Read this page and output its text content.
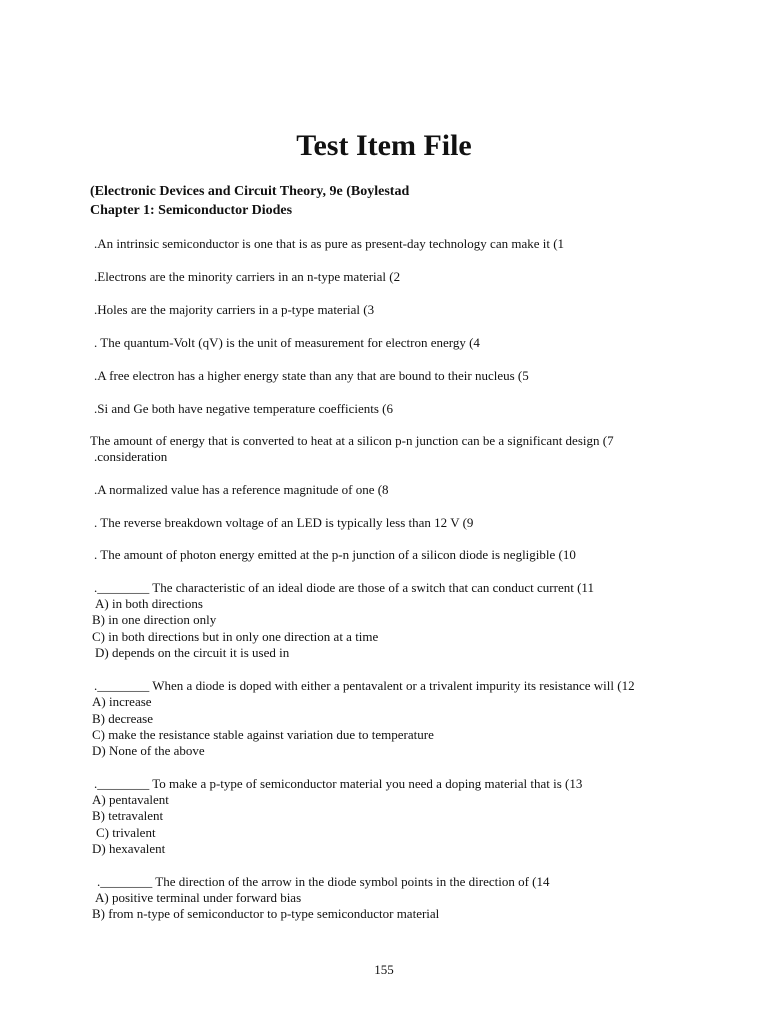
Test Item File
(Electronic Devices and Circuit Theory, 9e (Boylestad
Chapter 1: Semiconductor Diodes
.An intrinsic semiconductor is one that is as pure as present-day technology can make it (1
.Electrons are the minority carriers in an n-type material (2
.Holes are the majority carriers in a p-type material (3
. The quantum-Volt (qV) is the unit of measurement for electron energy (4
.A free electron has a higher energy state than any that are bound to their nucleus (5
.Si and Ge both have negative temperature coefficients (6
The amount of energy that is converted to heat at a silicon p-n junction can be a significant design (7
.consideration
.A normalized value has a reference magnitude of one (8
. The reverse breakdown voltage of an LED is typically less than 12 V (9
. The amount of photon energy emitted at the p-n junction of a silicon diode is negligible (10
.________ The characteristic of an ideal diode are those of a switch that can conduct current (11
A) in both directions
B) in one direction only
C) in both directions but in only one direction at a time
D) depends on the circuit it is used in
.________ When a diode is doped with either a pentavalent or a trivalent impurity its resistance will (12
A) increase
B) decrease
C) make the resistance stable against variation due to temperature
D) None of the above
.________ To make a p-type of semiconductor material you need a doping material that is (13
A) pentavalent
B) tetravalent
C) trivalent
D) hexavalent
.________ The direction of the arrow in the diode symbol points in the direction of (14
A) positive terminal under forward bias
B) from n-type of semiconductor to p-type semiconductor material
155
